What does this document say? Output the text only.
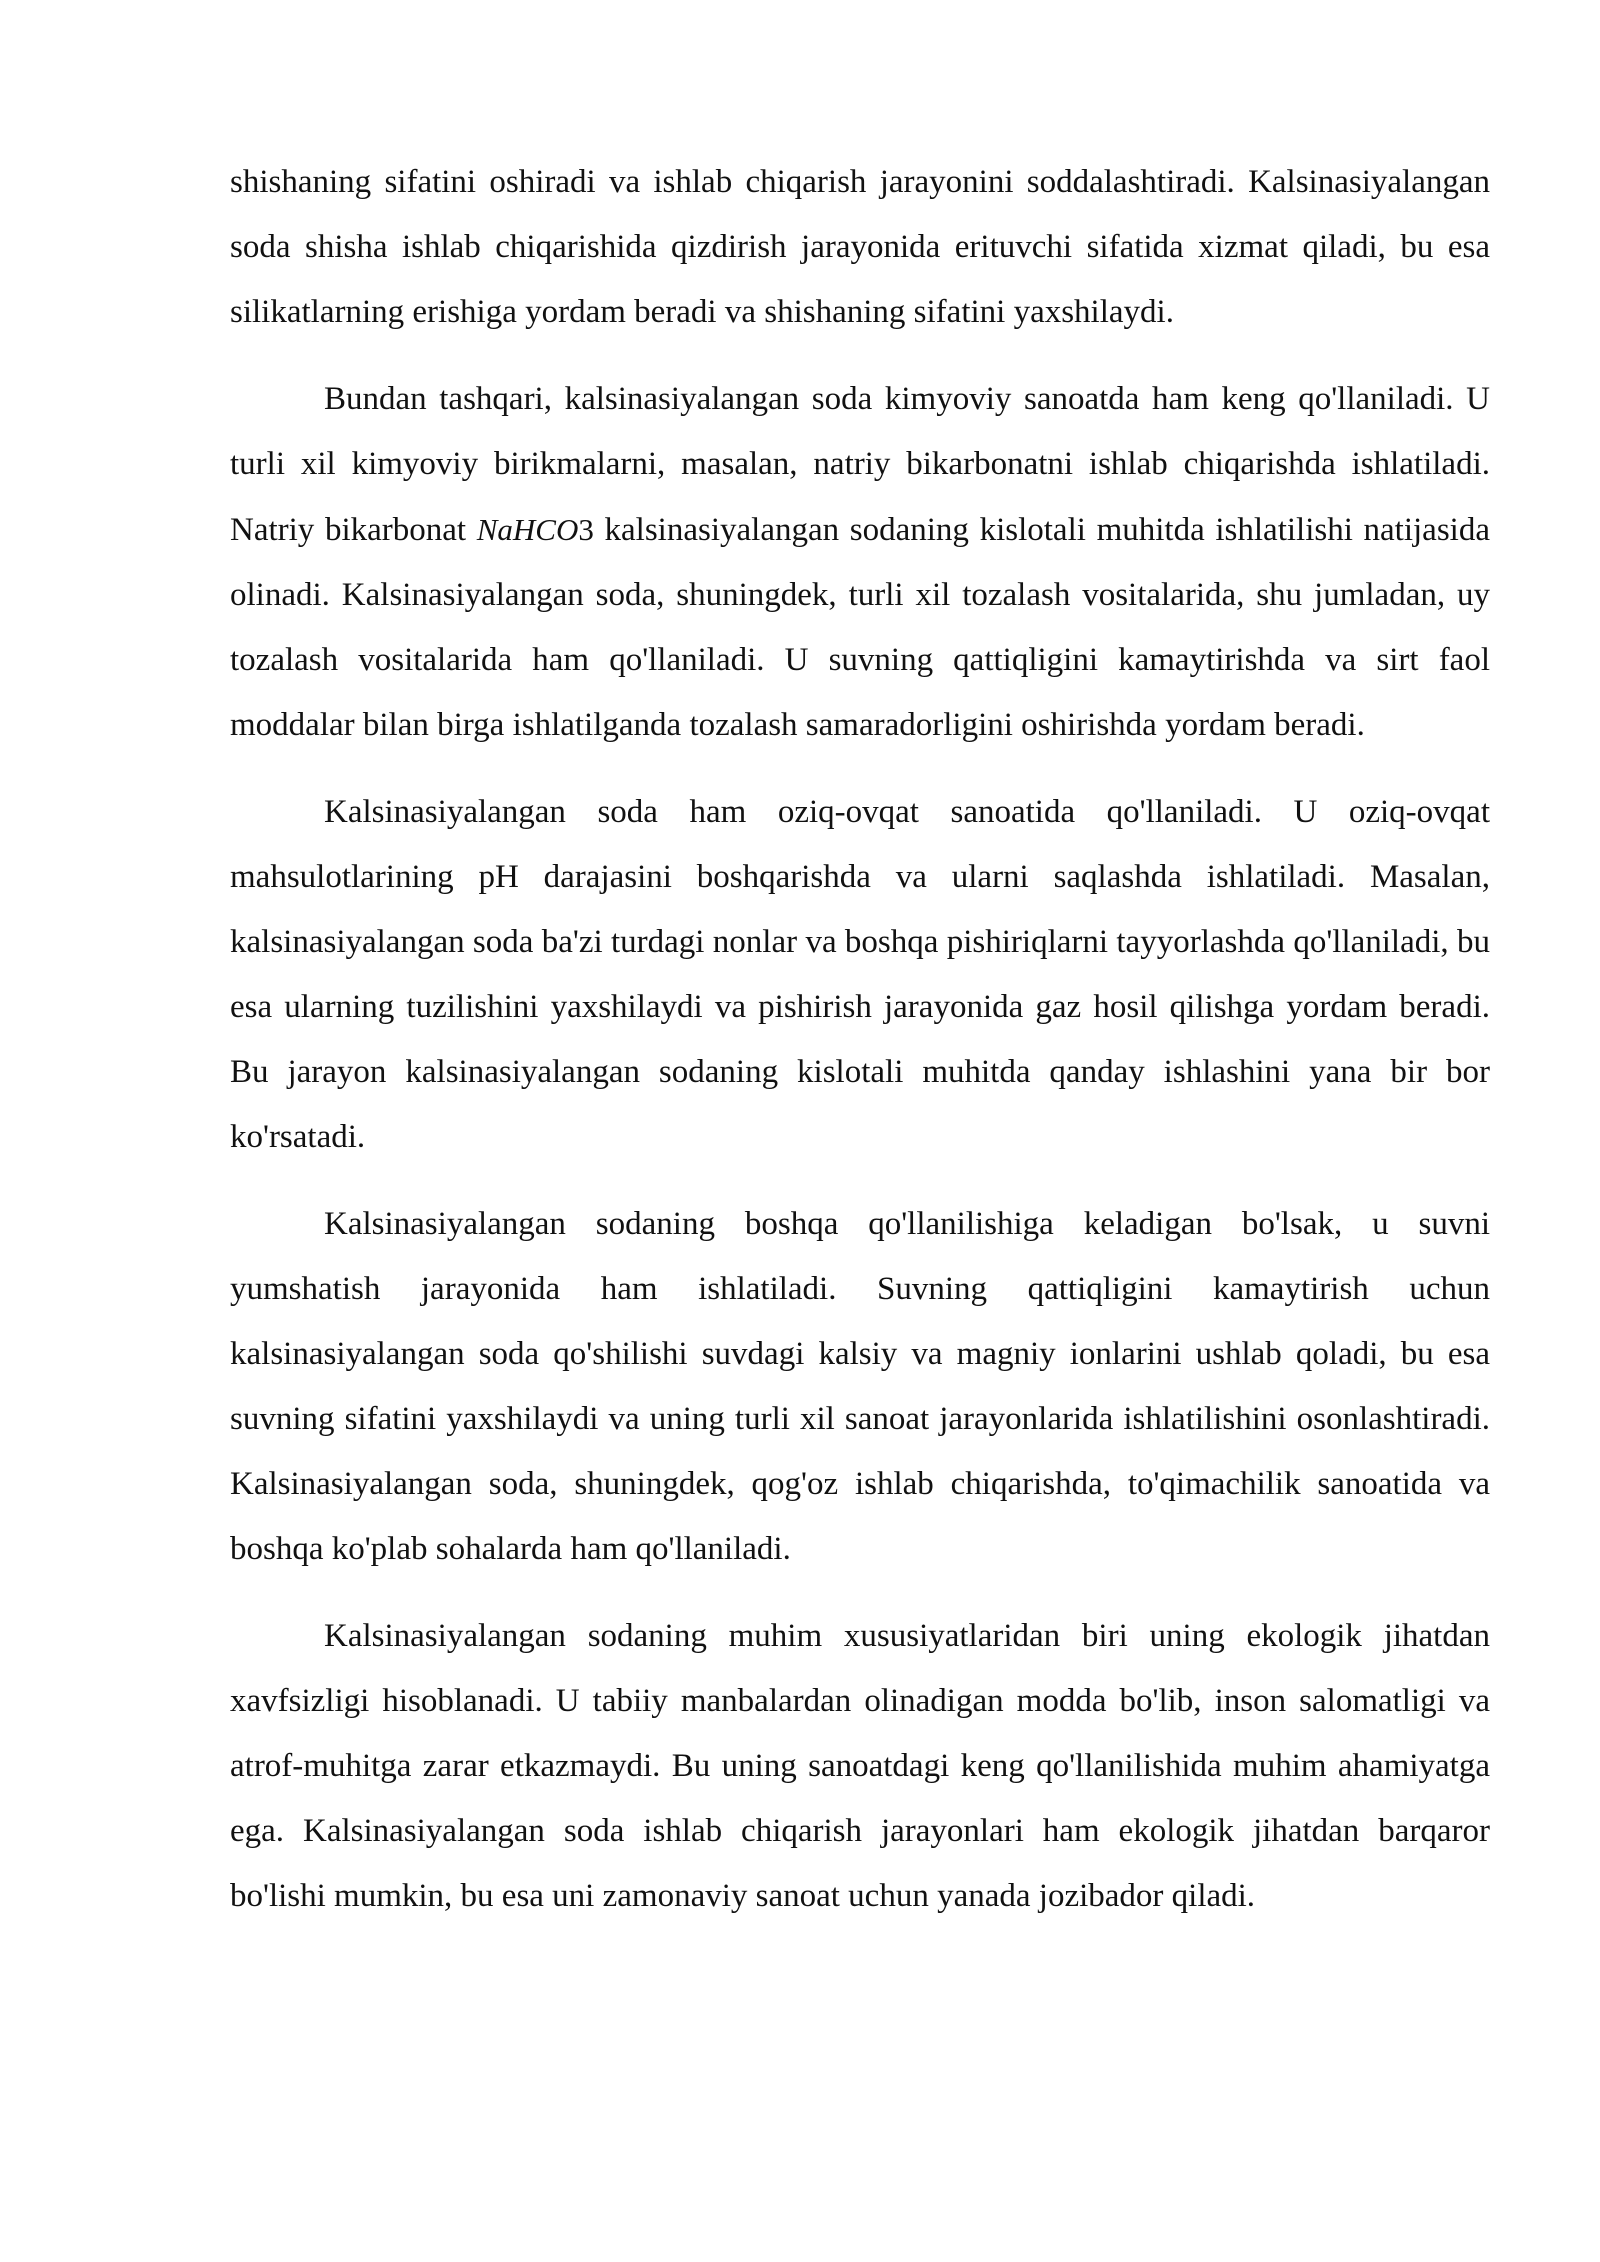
shishaning sifatini oshiradi va ishlab chiqarish jarayonini soddalashtiradi. Kalsinasiyalangan soda shisha ishlab chiqarishida qizdirish jarayonida erituvchi sifatida xizmat qiladi, bu esa silikatlarning erishiga yordam beradi va shishaning sifatini yaxshilaydi.

Bundan tashqari, kalsinasiyalangan soda kimyoviy sanoatda ham keng qo'llaniladi. U turli xil kimyoviy birikmalarni, masalan, natriy bikarbonatni ishlab chiqarishda ishlatiladi. Natriy bikarbonat NaHCO3 kalsinasiyalangan sodaning kislotali muhitda ishlatilishi natijasida olinadi. Kalsinasiyalangan soda, shuningdek, turli xil tozalash vositalarida, shu jumladan, uy tozalash vositalarida ham qo'llaniladi. U suvning qattiqligini kamaytirishda va sirt faol moddalar bilan birga ishlatilganda tozalash samaradorligini oshirishda yordam beradi.

Kalsinasiyalangan soda ham oziq-ovqat sanoatida qo'llaniladi. U oziq-ovqat mahsulotlarining pH darajasini boshqarishda va ularni saqlashda ishlatiladi. Masalan, kalsinasiyalangan soda ba'zi turdagi nonlar va boshqa pishiriqlarni tayyorlashda qo'llaniladi, bu esa ularning tuzilishini yaxshilaydi va pishirish jarayonida gaz hosil qilishga yordam beradi. Bu jarayon kalsinasiyalangan sodaning kislotali muhitda qanday ishlashini yana bir bor ko'rsatadi.

Kalsinasiyalangan sodaning boshqa qo'llanilishiga keladigan bo'lsak, u suvni yumshatish jarayonida ham ishlatiladi. Suvning qattiqligini kamaytirish uchun kalsinasiyalangan soda qo'shilishi suvdagi kalsiy va magniy ionlarini ushlab qoladi, bu esa suvning sifatini yaxshilaydi va uning turli xil sanoat jarayonlarida ishlatilishini osonlashtiradi. Kalsinasiyalangan soda, shuningdek, qog'oz ishlab chiqarishda, to'qimachilik sanoatida va boshqa ko'plab sohalarda ham qo'llaniladi.

Kalsinasiyalangan sodaning muhim xususiyatlaridan biri uning ekologik jihatdan xavfsizligi hisoblanadi. U tabiiy manbalardan olinadigan modda bo'lib, inson salomatligi va atrof-muhitga zarar etkazmaydi. Bu uning sanoatdagi keng qo'llanilishida muhim ahamiyatga ega. Kalsinasiyalangan soda ishlab chiqarish jarayonlari ham ekologik jihatdan barqaror bo'lishi mumkin, bu esa uni zamonaviy sanoat uchun yanada jozibador qiladi.
